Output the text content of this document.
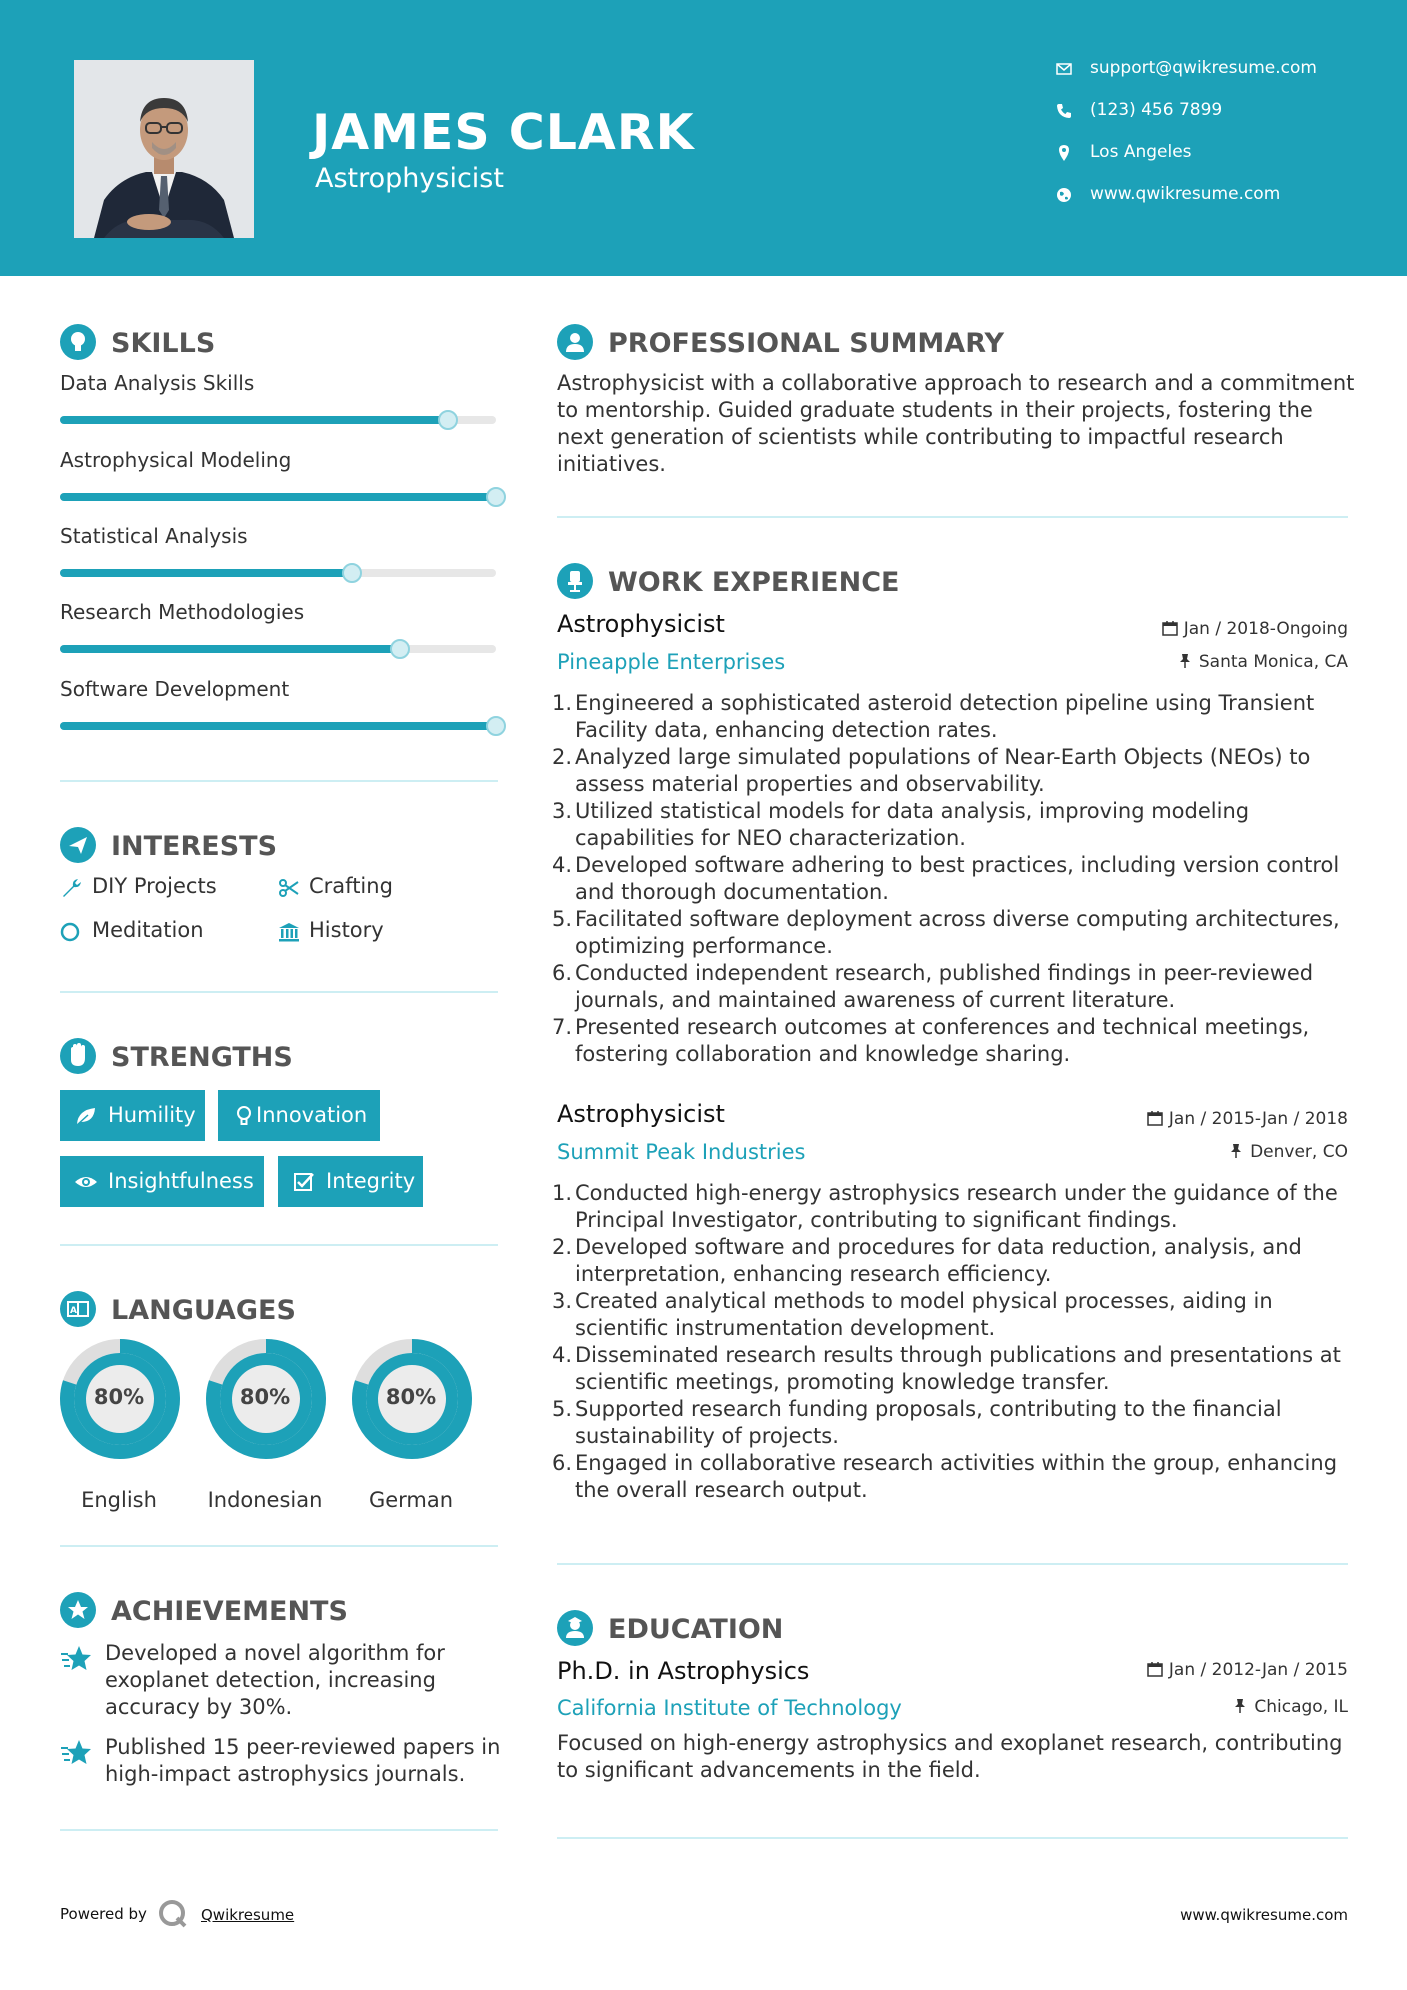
JAMES CLARK
Astrophysicist
support@qwikresume.com
(123) 456 7899
Los Angeles
www.qwikresume.com
SKILLS
Data Analysis Skills
Astrophysical Modeling
Statistical Analysis
Research Methodologies
Software Development
INTERESTS
DIY Projects	Crafting
Meditation	History
STRENGTHS
Humility	Innovation
Insightfulness	Integrity
A LANGUAGES
80%
English
80%
Indonesian
80%
German
ACHIEVEMENTS
Developed a novel algorithm for exoplanet detection, increasing accuracy by 30%.
Published 15 peer-reviewed papers in high-impact astrophysics journals.
PROFESSIONAL SUMMARY
Astrophysicist with a collaborative approach to research and a commitment to mentorship. Guided graduate students in their projects, fostering the next generation of scientists while contributing to impactful research initiatives.
WORK EXPERIENCE
Astrophysicist	Jan / 2018-Ongoing
Pineapple Enterprises	Santa Monica, CA
Engineered a sophisticated asteroid detection pipeline using Transient Facility data, enhancing detection rates.
Analyzed large simulated populations of Near-Earth Objects (NEOs) to assess material properties and observability.
Utilized statistical models for data analysis, improving modeling capabilities for NEO characterization.
Developed software adhering to best practices, including version control and thorough documentation.
Facilitated software deployment across diverse computing architectures, optimizing performance.
Conducted independent research, published findings in peer-reviewed journals, and maintained awareness of current literature.
Presented research outcomes at conferences and technical meetings, fostering collaboration and knowledge sharing.
Astrophysicist	Jan / 2015-Jan / 2018
Summit Peak Industries	Denver, CO
Conducted high-energy astrophysics research under the guidance of the Principal Investigator, contributing to significant findings.
Developed software and procedures for data reduction, analysis, and interpretation, enhancing research efficiency.
Created analytical methods to model physical processes, aiding in scientific instrumentation development.
Disseminated research results through publications and presentations at scientific meetings, promoting knowledge transfer.
Supported research funding proposals, contributing to the financial sustainability of projects.
Engaged in collaborative research activities within the group, enhancing the overall research output.
EDUCATION
Ph.D. in Astrophysics	Jan / 2012-Jan / 2015
California Institute of Technology	Chicago, IL
Focused on high-energy astrophysics and exoplanet research, contributing to significant advancements in the field.
Powered by	Qwikresume	www.qwikresume.com
